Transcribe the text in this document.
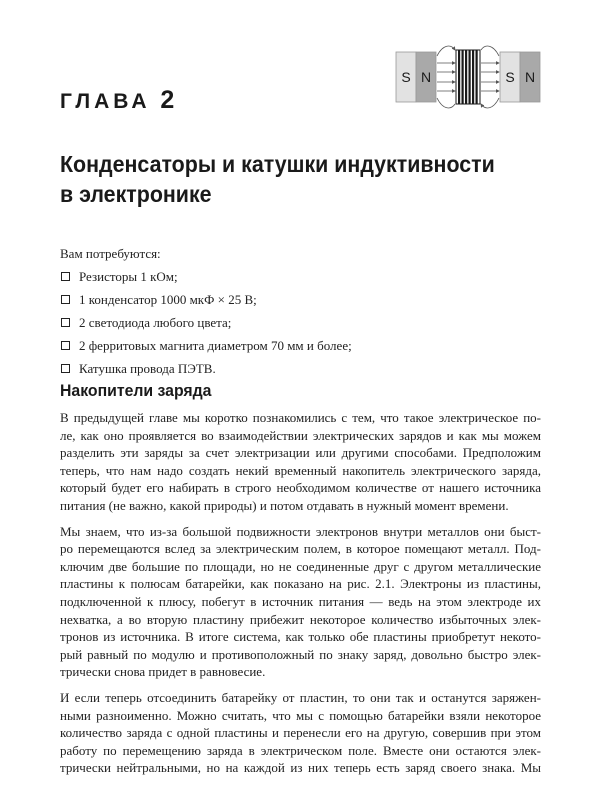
ГЛАВА 2
S N	S N
Конденсаторы и катушки индуктивности
в электронике
Вам потребуются:
Резисторы 1 кОм;
1 конденсатор 1000 мкФ × 25 В;
2 светодиода любого цвета;
2 ферритовых магнита диаметром 70 мм и более;
Катушка провода ПЭТВ.
Накопители заряда

В предыдущей главе мы коротко познакомились с тем, что такое электрическое по-
ле, как оно проявляется во взаимодействии электрических зарядов и как мы можем
разделить эти заряды за счет электризации или другими способами. Предположим
теперь, что нам надо создать некий временный накопитель электрического заряда,
который будет его набирать в строго необходимом количестве от нашего источника
питания (не важно, какой природы) и потом отдавать в нужный момент времени.

Мы знаем, что из-за большой подвижности электронов внутри металлов они быст-
ро перемещаются вслед за электрическим полем, в которое помещают металл. Под-
ключим две большие по площади, но не соединенные друг с другом металлические
пластины к полюсам батарейки, как показано на рис. 2.1. Электроны из пластины,
подключенной к плюсу, побегут в источник питания — ведь на этом электроде их
нехватка, а во вторую пластину прибежит некоторое количество избыточных элек-
тронов из источника. В итоге система, как только обе пластины приобретут некото-
рый равный по модулю и противоположный по знаку заряд, довольно быстро элек-
трически снова придет в равновесие.

И если теперь отсоединить батарейку от пластин, то они так и останутся заряжен-
ными разноименно. Можно считать, что мы с помощью батарейки взяли некоторое
количество заряда с одной пластины и перенесли его на другую, совершив при этом
работу по перемещению заряда в электрическом поле. Вместе они остаются элек-
трически нейтральными, но на каждой из них теперь есть заряд своего знака. Мы
